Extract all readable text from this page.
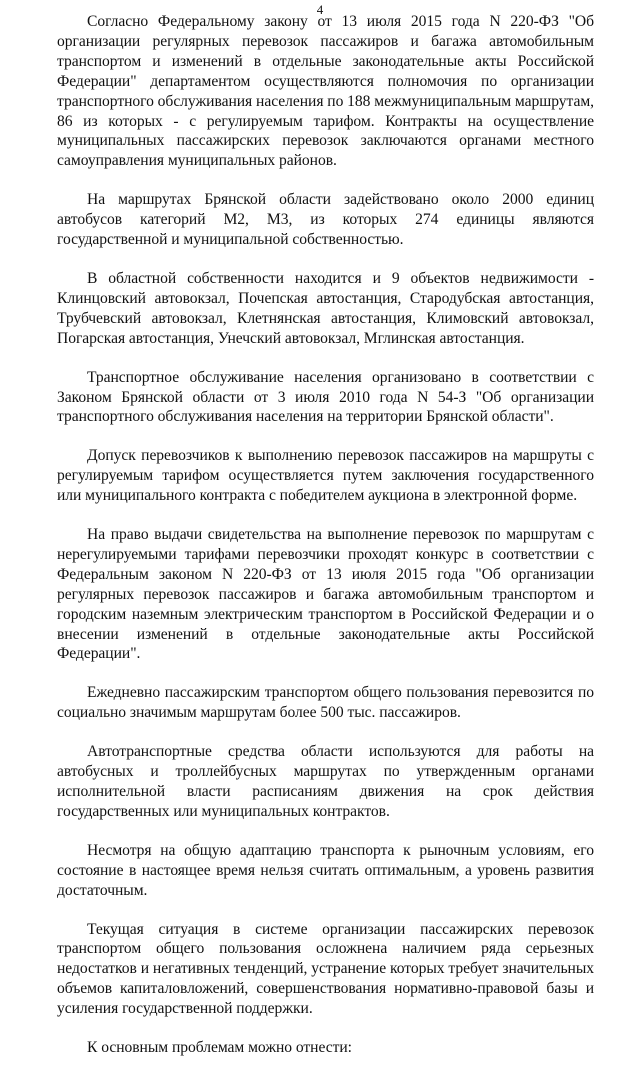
4

Согласно Федеральному закону от 13 июля 2015 года N 220-ФЗ "Об организации регулярных перевозок пассажиров и багажа автомобильным транспортом и изменений в отдельные законодательные акты Российской Федерации" департаментом осуществляются полномочия по организации транспортного обслуживания населения по 188 межмуниципальным маршрутам, 86 из которых - с регулируемым тарифом. Контракты на осуществление муниципальных пассажирских перевозок заключаются органами местного самоуправления муниципальных районов.

На маршрутах Брянской области задействовано около 2000 единиц автобусов категорий М2, М3, из которых 274 единицы являются государственной и муниципальной собственностью.

В областной собственности находится и 9 объектов недвижимости - Клинцовский автовокзал, Почепская автостанция, Стародубская автостанция, Трубчевский автовокзал, Клетнянская автостанция, Климовский автовокзал, Погарская автостанция, Унечский автовокзал, Мглинская автостанция.

Транспортное обслуживание населения организовано в соответствии с Законом Брянской области от 3 июля 2010 года N 54-З "Об организации транспортного обслуживания населения на территории Брянской области".

Допуск перевозчиков к выполнению перевозок пассажиров на маршруты с регулируемым тарифом осуществляется путем заключения государственного или муниципального контракта с победителем аукциона в электронной форме.

На право выдачи свидетельства на выполнение перевозок по маршрутам с нерегулируемыми тарифами перевозчики проходят конкурс в соответствии с Федеральным законом N 220-ФЗ от 13 июля 2015 года "Об организации регулярных перевозок пассажиров и багажа автомобильным транспортом и городским наземным электрическим транспортом в Российской Федерации и о внесении изменений в отдельные законодательные акты Российской Федерации".

Ежедневно пассажирским транспортом общего пользования перевозится по социально значимым маршрутам более 500 тыс. пассажиров.

Автотранспортные средства области используются для работы на автобусных и троллейбусных маршрутах по утвержденным органами исполнительной власти расписаниям движения на срок действия государственных или муниципальных контрактов.

Несмотря на общую адаптацию транспорта к рыночным условиям, его состояние в настоящее время нельзя считать оптимальным, а уровень развития достаточным.

Текущая ситуация в системе организации пассажирских перевозок транспортом общего пользования осложнена наличием ряда серьезных недостатков и негативных тенденций, устранение которых требует значительных объемов капиталовложений, совершенствования нормативно-правовой базы и усиления государственной поддержки.

К основным проблемам можно отнести:
